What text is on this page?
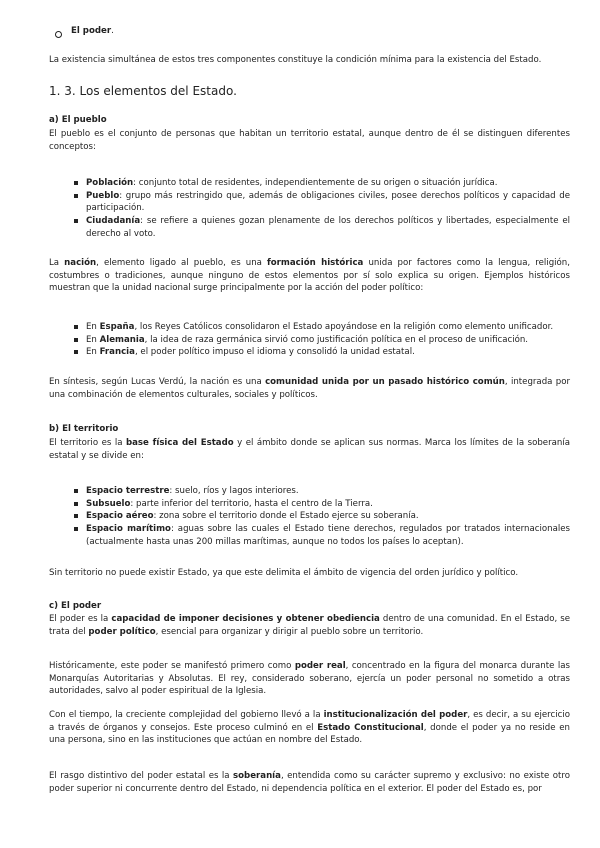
El poder.

La existencia simultánea de estos tres componentes constituye la condición mínima para la existencia del Estado.

1. 3. Los elementos del Estado.
a) El pueblo

El pueblo es el conjunto de personas que habitan un territorio estatal, aunque dentro de él se distinguen diferentes conceptos:

Población: conjunto total de residentes, independientemente de su origen o situación jurídica.
Pueblo: grupo más restringido que, además de obligaciones civiles, posee derechos políticos y capacidad de participación.
Ciudadanía: se refiere a quienes gozan plenamente de los derechos políticos y libertades, especialmente el derecho al voto.

La nación, elemento ligado al pueblo, es una formación histórica unida por factores como la lengua, religión, costumbres o tradiciones, aunque ninguno de estos elementos por sí solo explica su origen. Ejemplos históricos muestran que la unidad nacional surge principalmente por la acción del poder político:

En España, los Reyes Católicos consolidaron el Estado apoyándose en la religión como elemento unificador.
En Alemania, la idea de raza germánica sirvió como justificación política en el proceso de unificación.
En Francia, el poder político impuso el idioma y consolidó la unidad estatal.

En síntesis, según Lucas Verdú, la nación es una comunidad unida por un pasado histórico común, integrada por una combinación de elementos culturales, sociales y políticos.

b) El territorio

El territorio es la base física del Estado y el ámbito donde se aplican sus normas. Marca los límites de la soberanía estatal y se divide en:

Espacio terrestre: suelo, ríos y lagos interiores.
Subsuelo: parte inferior del territorio, hasta el centro de la Tierra.
Espacio aéreo: zona sobre el territorio donde el Estado ejerce su soberanía.
Espacio marítimo: aguas sobre las cuales el Estado tiene derechos, regulados por tratados internacionales (actualmente hasta unas 200 millas marítimas, aunque no todos los países lo aceptan).

Sin territorio no puede existir Estado, ya que este delimita el ámbito de vigencia del orden jurídico y político.

c) El poder

El poder es la capacidad de imponer decisiones y obtener obediencia dentro de una comunidad. En el Estado, se trata del poder político, esencial para organizar y dirigir al pueblo sobre un territorio.

Históricamente, este poder se manifestó primero como poder real, concentrado en la figura del monarca durante las Monarquías Autoritarias y Absolutas. El rey, considerado soberano, ejercía un poder personal no sometido a otras autoridades, salvo al poder espiritual de la Iglesia.

Con el tiempo, la creciente complejidad del gobierno llevó a la institucionalización del poder, es decir, a su ejercicio a través de órganos y consejos. Este proceso culminó en el Estado Constitucional, donde el poder ya no reside en una persona, sino en las instituciones que actúan en nombre del Estado.

El rasgo distintivo del poder estatal es la soberanía, entendida como su carácter supremo y exclusivo: no existe otro poder superior ni concurrente dentro del Estado, ni dependencia política en el exterior. El poder del Estado es, por
